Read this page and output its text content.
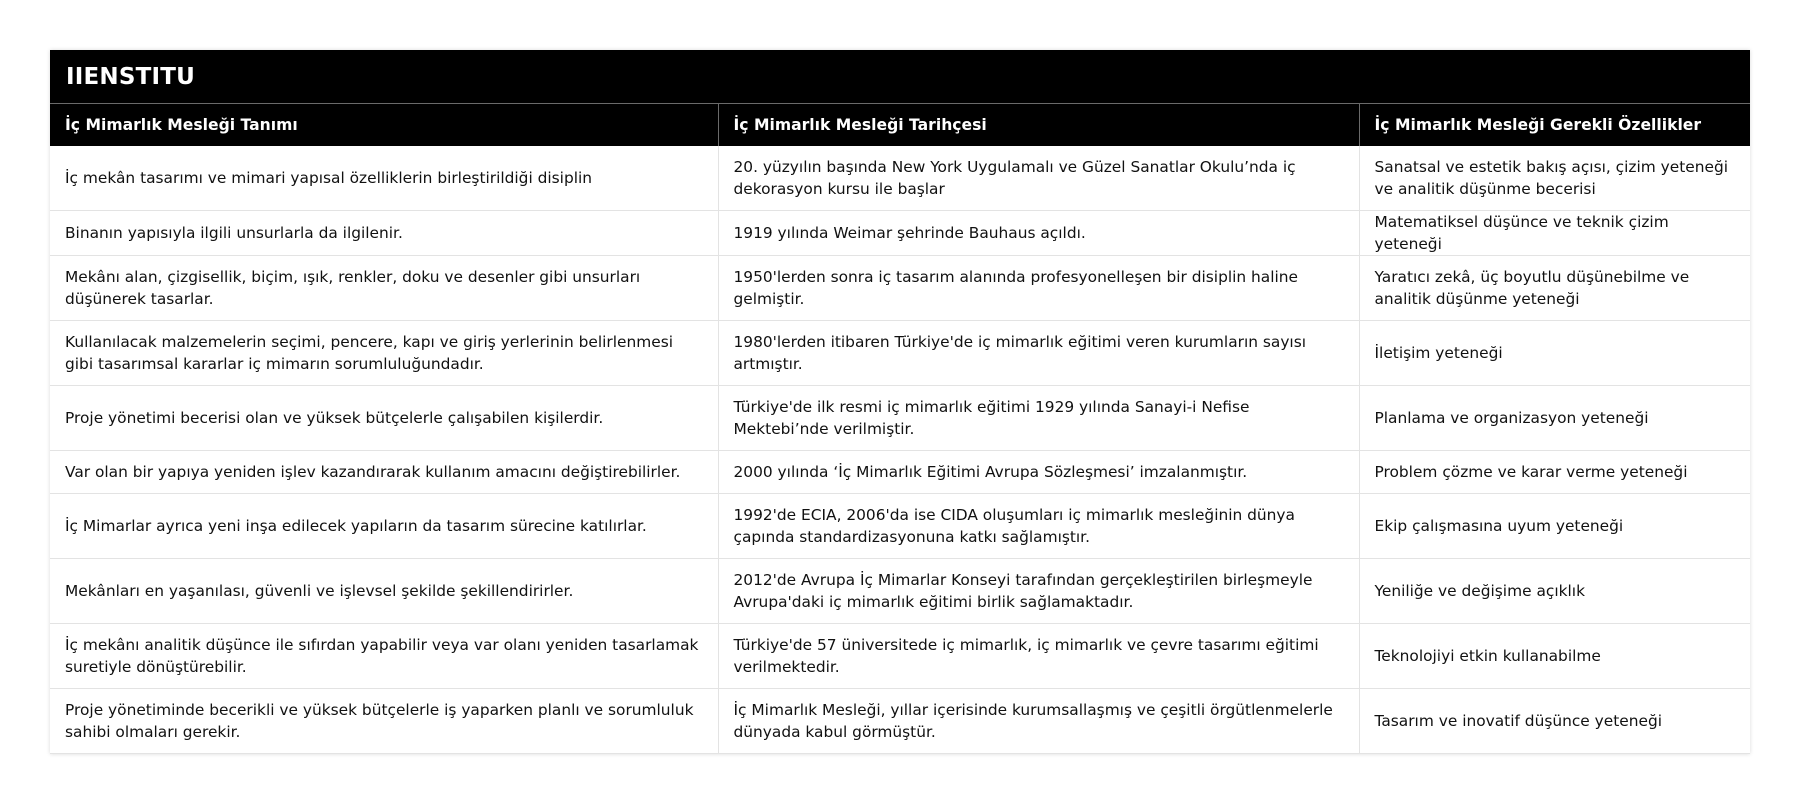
IIENSTITU
İç Mimarlık Mesleği Tanımı	İç Mimarlık Mesleği Tarihçesi	İç Mimarlık Mesleği Gerekli Özellikler
İç mekân tasarımı ve mimari yapısal özelliklerin birleştirildiği disiplin	20. yüzyılın başında New York Uygulamalı ve Güzel Sanatlar Okulu’nda iç dekorasyon kursu ile başlar	Sanatsal ve estetik bakış açısı, çizim yeteneği ve analitik düşünme becerisi
Binanın yapısıyla ilgili unsurlarla da ilgilenir.	1919 yılında Weimar şehrinde Bauhaus açıldı.	Matematiksel düşünce ve teknik çizim yeteneği
Mekânı alan, çizgisellik, biçim, ışık, renkler, doku ve desenler gibi unsurları düşünerek tasarlar.	1950'lerden sonra iç tasarım alanında profesyonelleşen bir disiplin haline gelmiştir.	Yaratıcı zekâ, üç boyutlu düşünebilme ve analitik düşünme yeteneği
Kullanılacak malzemelerin seçimi, pencere, kapı ve giriş yerlerinin belirlenmesi gibi tasarımsal kararlar iç mimarın sorumluluğundadır.	1980'lerden itibaren Türkiye'de iç mimarlık eğitimi veren kurumların sayısı artmıştır.	İletişim yeteneği
Proje yönetimi becerisi olan ve yüksek bütçelerle çalışabilen kişilerdir.	Türkiye'de ilk resmi iç mimarlık eğitimi 1929 yılında Sanayi-i Nefise Mektebi’nde verilmiştir.	Planlama ve organizasyon yeteneği
Var olan bir yapıya yeniden işlev kazandırarak kullanım amacını değiştirebilirler.	2000 yılında ‘İç Mimarlık Eğitimi Avrupa Sözleşmesi’ imzalanmıştır.	Problem çözme ve karar verme yeteneği
İç Mimarlar ayrıca yeni inşa edilecek yapıların da tasarım sürecine katılırlar.	1992'de ECIA, 2006'da ise CIDA oluşumları iç mimarlık mesleğinin dünya çapında standardizasyonuna katkı sağlamıştır.	Ekip çalışmasına uyum yeteneği
Mekânları en yaşanılası, güvenli ve işlevsel şekilde şekillendirirler.	2012'de Avrupa İç Mimarlar Konseyi tarafından gerçekleştirilen birleşmeyle Avrupa'daki iç mimarlık eğitimi birlik sağlamaktadır.	Yeniliğe ve değişime açıklık
İç mekânı analitik düşünce ile sıfırdan yapabilir veya var olanı yeniden tasarlamak suretiyle dönüştürebilir.	Türkiye'de 57 üniversitede iç mimarlık, iç mimarlık ve çevre tasarımı eğitimi verilmektedir.	Teknolojiyi etkin kullanabilme
Proje yönetiminde becerikli ve yüksek bütçelerle iş yaparken planlı ve sorumluluk sahibi olmaları gerekir.	İç Mimarlık Mesleği, yıllar içerisinde kurumsallaşmış ve çeşitli örgütlenmelerle dünyada kabul görmüştür.	Tasarım ve inovatif düşünce yeteneği
